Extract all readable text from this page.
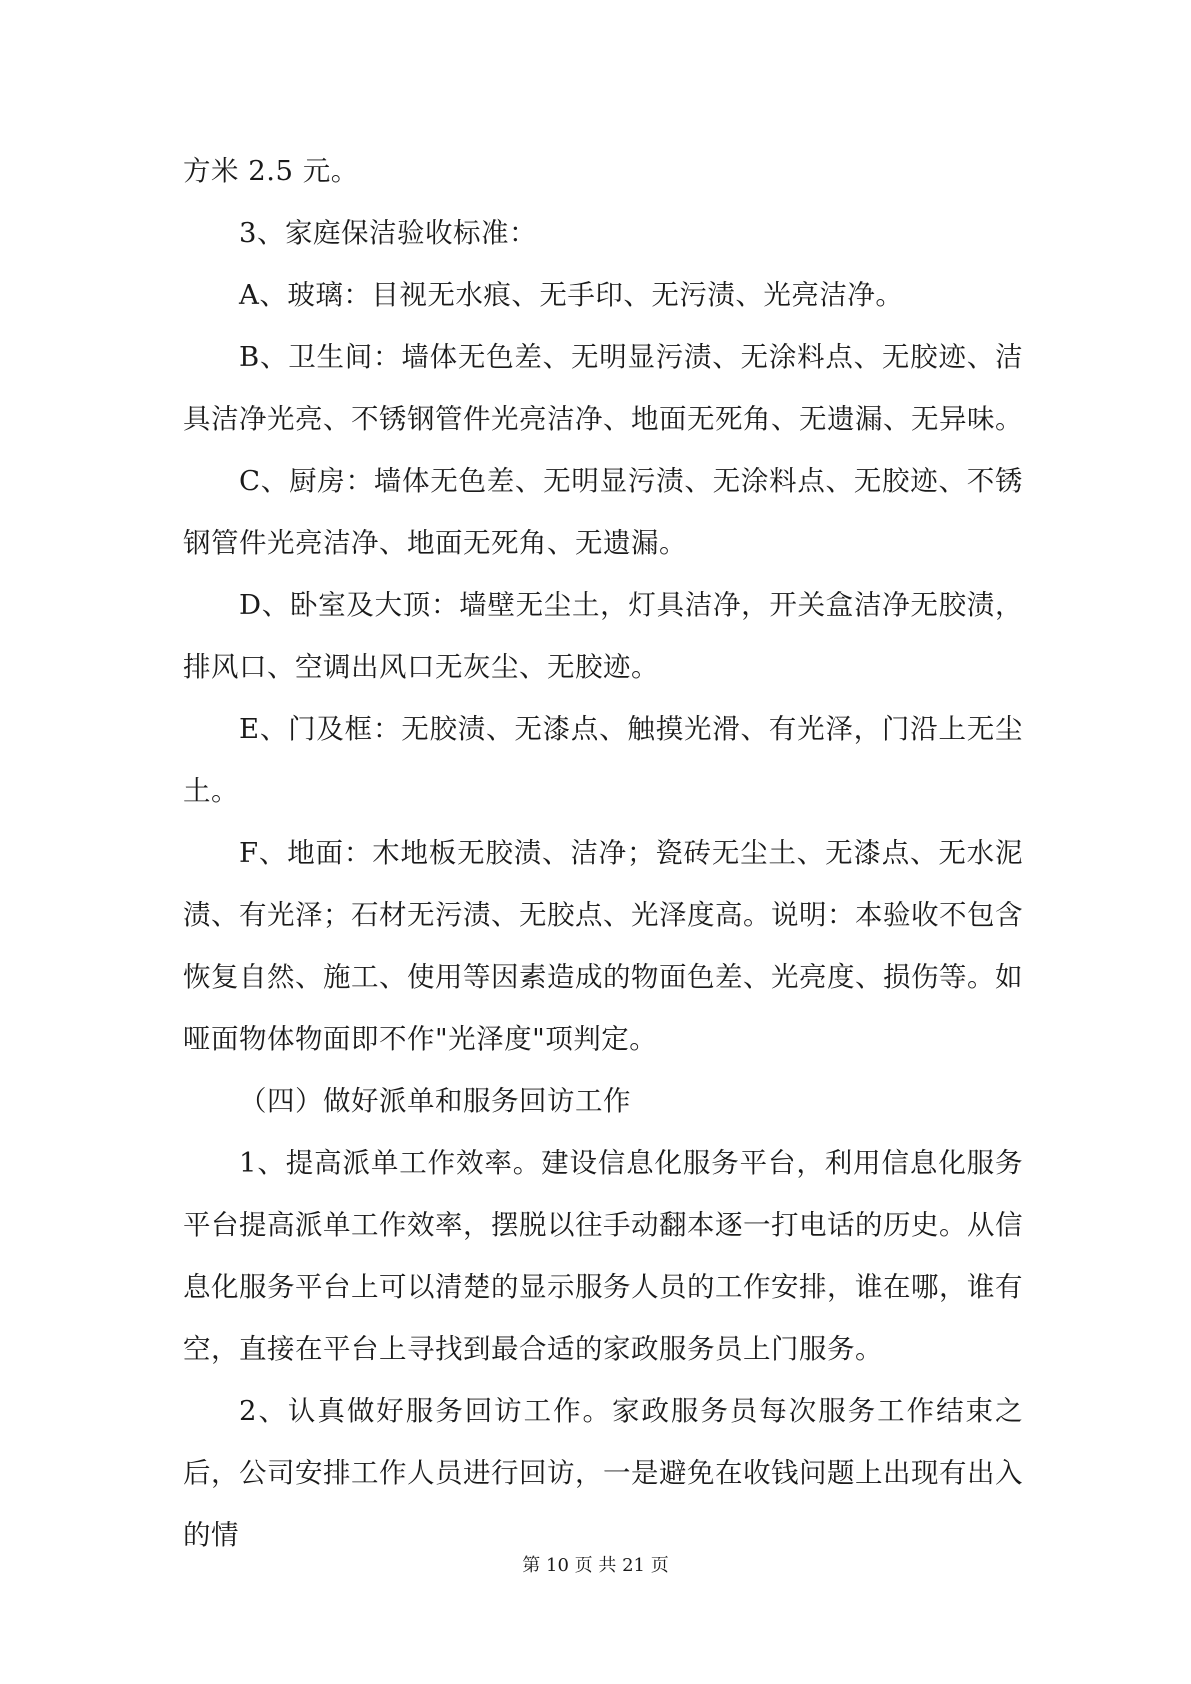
方米 2.5 元。

3、家庭保洁验收标准：

A、玻璃：目视无水痕、无手印、无污渍、光亮洁净。

B、卫生间：墙体无色差、无明显污渍、无涂料点、无胶迹、洁具洁净光亮、不锈钢管件光亮洁净、地面无死角、无遗漏、无异味。

C、厨房：墙体无色差、无明显污渍、无涂料点、无胶迹、不锈钢管件光亮洁净、地面无死角、无遗漏。

D、卧室及大顶：墙壁无尘土，灯具洁净，开关盒洁净无胶渍，排风口、空调出风口无灰尘、无胶迹。

E、门及框：无胶渍、无漆点、触摸光滑、有光泽，门沿上无尘土。

F、地面：木地板无胶渍、洁净；瓷砖无尘土、无漆点、无水泥渍、有光泽；石材无污渍、无胶点、光泽度高。说明：本验收不包含恢复自然、施工、使用等因素造成的物面色差、光亮度、损伤等。如哑面物体物面即不作"光泽度"项判定。

（四）做好派单和服务回访工作

1、提高派单工作效率。建设信息化服务平台，利用信息化服务平台提高派单工作效率，摆脱以往手动翻本逐一打电话的历史。从信息化服务平台上可以清楚的显示服务人员的工作安排，谁在哪，谁有空，直接在平台上寻找到最合适的家政服务员上门服务。

2、认真做好服务回访工作。家政服务员每次服务工作结束之后，公司安排工作人员进行回访，一是避免在收钱问题上出现有出入的情

第 10 页 共 21 页
